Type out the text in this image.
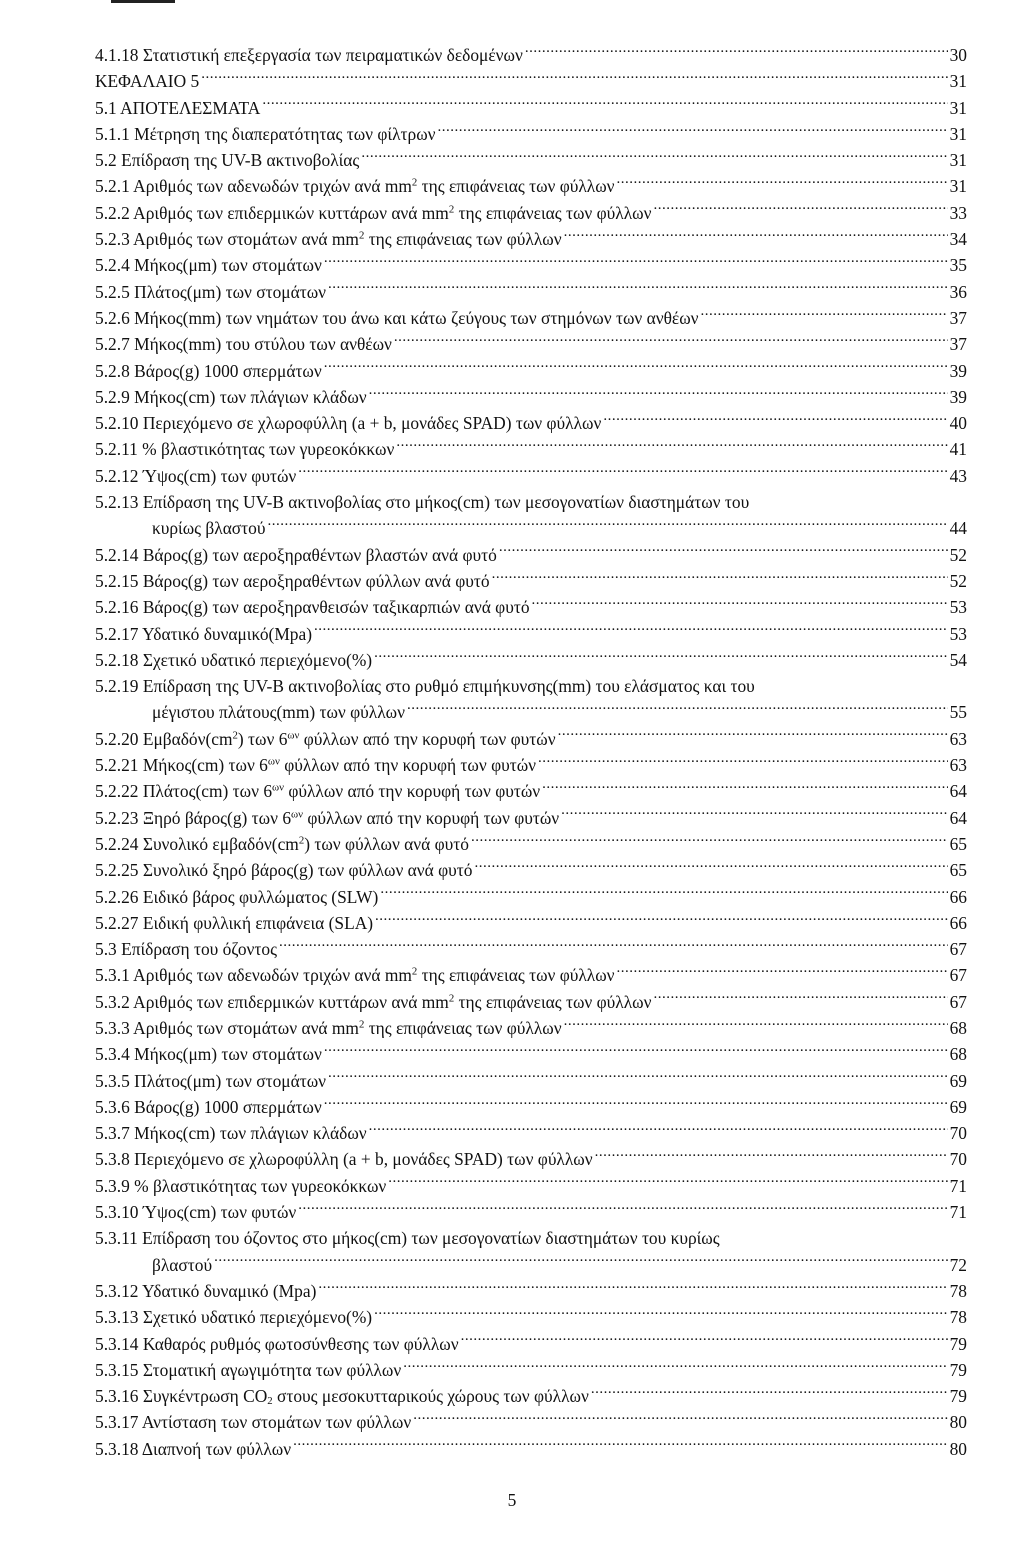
4.1.18 Στατιστική επεξεργασία των πειραματικών δεδομένων .....	30
ΚΕΦΑΛΑΙΟ 5 .....	31
5.1 ΑΠΟΤΕΛΕΣΜΑΤΑ .....	31
5.1.1 Μέτρηση της διαπερατότητας των φίλτρων .....	31
5.2 Επίδραση της UV-B ακτινοβολίας .....	31
5.2.1 Αριθμός των αδενωδών τριχών ανά $mm^2$ της επιφάνειας των φύλλων .....	31
5.2.2 Αριθμός των επιδερμικών κυττάρων ανά $mm^2$ της επιφάνειας των φύλλων .....	33
5.2.3 Αριθμός των στομάτων ανά $mm^2$ της επιφάνειας των φύλλων .....	34
5.2.4 Μήκος(μm) των στομάτων .....	35
5.2.5 Πλάτος(μm) των στομάτων .....	36
5.2.6 Μήκος(mm) των νημάτων του άνω και κάτω ζεύγους των στημόνων των ανθέων .....	37
5.2.7 Μήκος(mm) του στύλου των ανθέων .....	37
5.2.8 Βάρος(g) 1000 σπερμάτων .....	39
5.2.9 Μήκος(cm) των πλάγιων κλάδων .....	39
5.2.10 Περιεχόμενο σε χλωροφύλλη (a + b, μονάδες SPAD) των φύλλων .....	40
5.2.11 % βλαστικότητας των γυρεοκόκκων .....	41
5.2.12 Ύψος(cm) των φυτών .....	43
5.2.13 Επίδραση της UV-B ακτινοβολίας στο μήκος(cm) των μεσογονατίων διαστημάτων του
κυρίως βλαστού .....	44
5.2.14 Βάρος(g) των αεροξηραθέντων βλαστών ανά φυτό .....	52
5.2.15 Βάρος(g) των αεροξηραθέντων φύλλων ανά φυτό .....	52
5.2.16 Βάρος(g) των αεροξηρανθεισών ταξικαρπιών ανά φυτό .....	53
5.2.17 Υδατικό δυναμικό(Mpa) .....	53
5.2.18 Σχετικό υδατικό περιεχόμενο(%) .....	54
5.2.19 Επίδραση της UV-B ακτινοβολίας στο ρυθμό επιμήκυνσης(mm) του ελάσματος και του
μέγιστου πλάτους(mm) των φύλλων .....	55
5.2.20 $E\mu\beta\alpha\delta ό\nu(cm^2)$ των $6^{\omega\nu}$ φύλλων από την κορυφή των φυτών .....	63
5.2.21 Μήκος(cm) των $6^{\omega\nu}$ φύλλων από την κορυφή των φυτών .....	63
5.2.22 Πλάτος(cm) των $6^{\omega\nu}$ φύλλων από την κορυφή των φυτών .....	64
5.2.23 Ξηρό βάρος(g) των $6^{\omega\nu}$ φύλλων από την κορυφή των φυτών .....	64
5.2.24 Συνολικό $\varepsilon\mu\beta\alpha\delta ό\nu(cm^2)$ των φύλλων ανά φυτό .....	65
5.2.25 Συνολικό ξηρό βάρος(g) των φύλλων ανά φυτό .....	65
5.2.26 Ειδικό βάρος φυλλώματος (SLW) .....	66
5.2.27 Ειδική φυλλική επιφάνεια (SLA) .....	66
5.3 Επίδραση του όζοντος .....	67
5.3.1 Αριθμός των αδενωδών τριχών ανά $mm^2$ της επιφάνειας των φύλλων .....	67
5.3.2 Αριθμός των επιδερμικών κυττάρων ανά $mm^2$ της επιφάνειας των φύλλων .....	67
5.3.3 Αριθμός των στομάτων ανά $mm^2$ της επιφάνειας των φύλλων .....	68
5.3.4 Μήκος(μm) των στομάτων .....	68
5.3.5 Πλάτος(μm) των στομάτων .....	69
5.3.6 Βάρος(g) 1000 σπερμάτων .....	69
5.3.7 Μήκος(cm) των πλάγιων κλάδων .....	70
5.3.8 Περιεχόμενο σε χλωροφύλλη (a + b, μονάδες SPAD) των φύλλων .....	70
5.3.9 % βλαστικότητας των γυρεοκόκκων .....	71
5.3.10 Ύψος(cm) των φυτών .....	71
5.3.11 Επίδραση του όζοντος στο μήκος(cm) των μεσογονατίων διαστημάτων του κυρίως
βλαστού .....	72
5.3.12 Υδατικό δυναμικό (Mpa) .....	78
5.3.13 Σχετικό υδατικό περιεχόμενο(%) .....	78
5.3.14 Καθαρός ρυθμός φωτοσύνθεσης των φύλλων .....	79
5.3.15 Στοματική αγωγιμότητα των φύλλων .....	79
5.3.16 Συγκέντρωση $CO_2$ στους μεσοκυτταρικούς χώρους των φύλλων .....	79
5.3.17 Αντίσταση των στομάτων των φύλλων .....	80
5.3.18 Διαπνοή των φύλλων .....	80
5
